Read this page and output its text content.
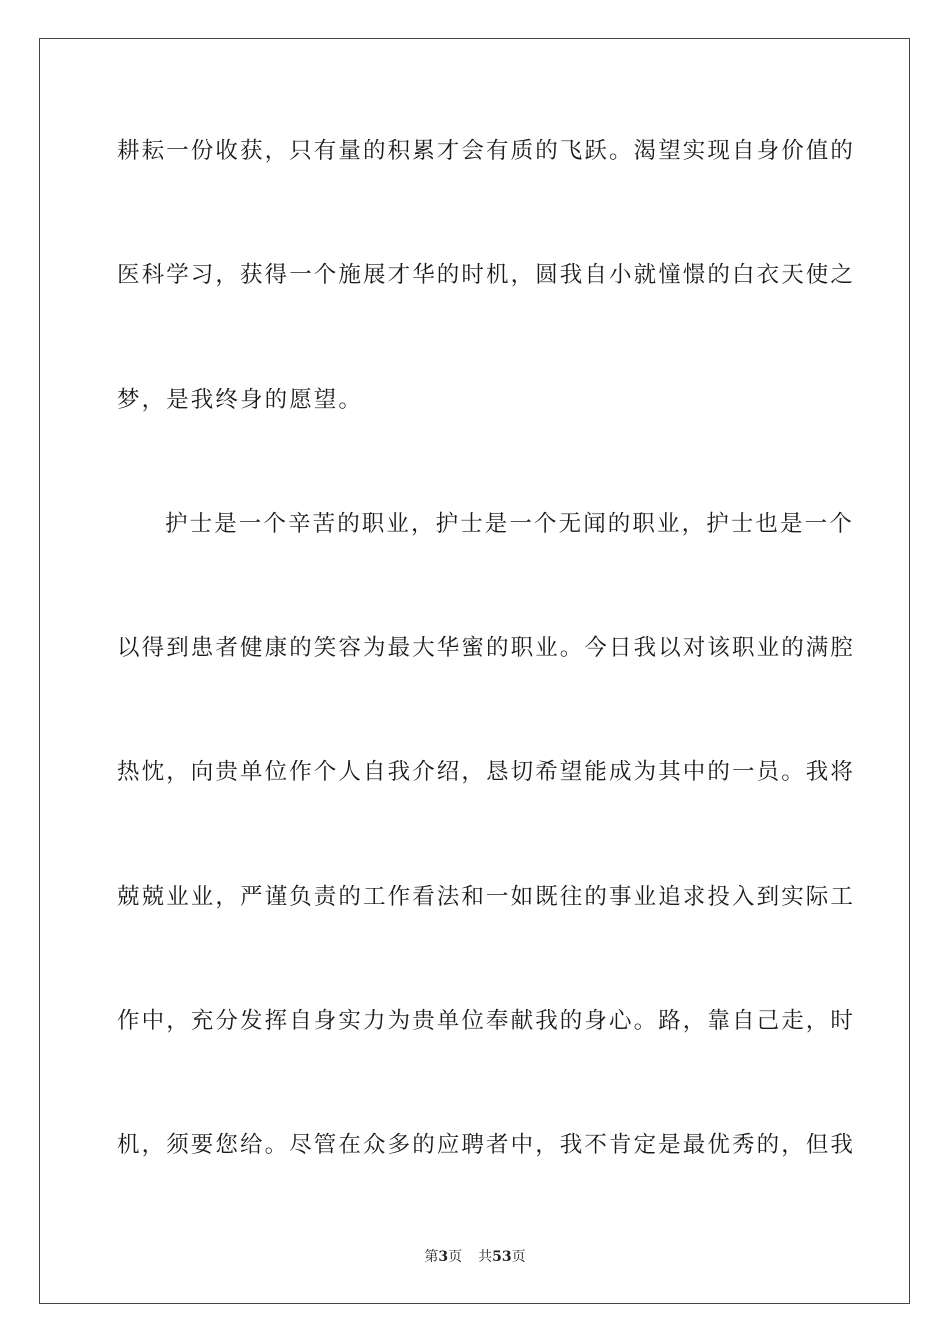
耕耘一份收获，只有量的积累才会有质的飞跃。渴望实现自身价值的
医科学习，获得一个施展才华的时机，圆我自小就憧憬的白衣天使之
梦，是我终身的愿望。
护士是一个辛苦的职业，护士是一个无闻的职业，护士也是一个
以得到患者健康的笑容为最大华蜜的职业。今日我以对该职业的满腔
热忱，向贵单位作个人自我介绍，恳切希望能成为其中的一员。我将
兢兢业业，严谨负责的工作看法和一如既往的事业追求投入到实际工
作中，充分发挥自身实力为贵单位奉献我的身心。路，靠自己走，时
机，须要您给。尽管在众多的应聘者中，我不肯定是最优秀的，但我
第3页 共53页
